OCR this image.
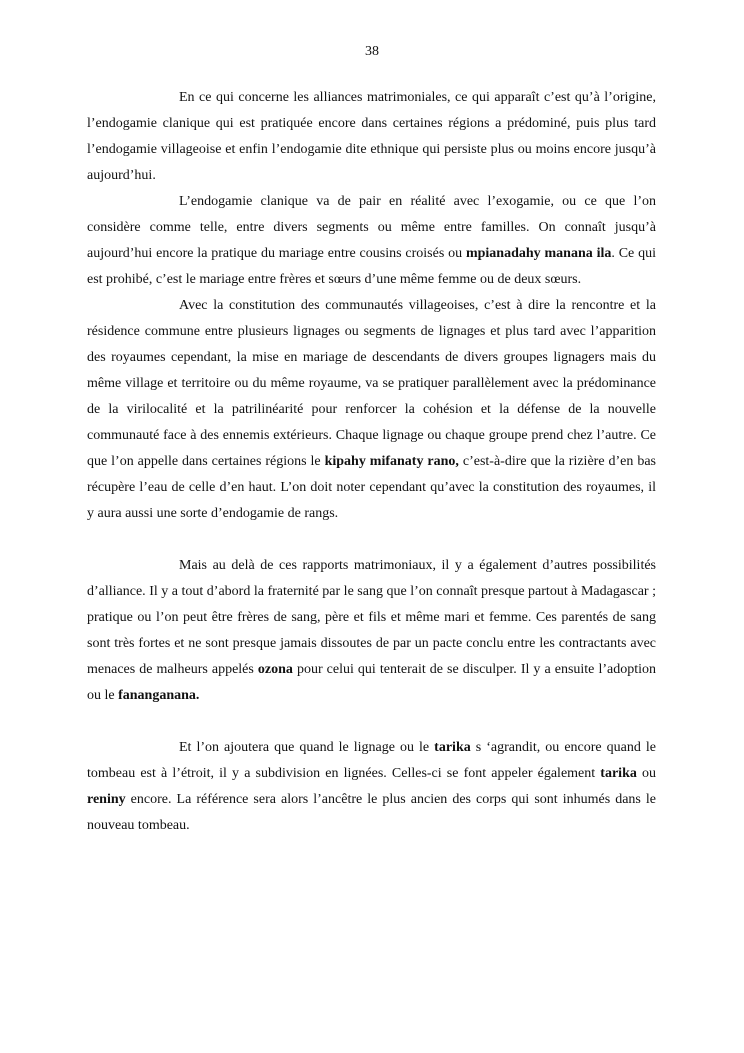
38

En ce qui concerne les alliances matrimoniales, ce qui apparaît c’est qu’à l’origine, l’endogamie clanique qui est pratiquée encore dans certaines régions a prédominé, puis plus tard l’endogamie villageoise et enfin l’endogamie dite ethnique qui persiste plus ou moins encore jusqu’à aujourd’hui.

L’endogamie clanique va de pair en réalité avec l’exogamie, ou ce que l’on considère comme telle, entre divers segments ou même entre familles. On connaît jusqu’à aujourd’hui encore la pratique du mariage entre cousins croisés ou mpianadahy manana ila. Ce qui est prohibé, c’est le mariage entre frères et sœurs d’une même femme ou de deux sœurs.

Avec la constitution des communautés villageoises, c’est à dire la rencontre et la résidence commune entre plusieurs lignages ou segments de lignages et plus tard avec l’apparition des royaumes cependant, la mise en mariage de descendants de divers groupes lignagers mais du même village et territoire ou du même royaume, va se pratiquer parallèlement avec la prédominance de la virilocalité et la patrilinéarité pour renforcer la cohésion et la défense de la nouvelle communauté face à des ennemis extérieurs. Chaque lignage ou chaque groupe prend chez l’autre. Ce que l’on appelle dans certaines régions le kipahy mifanaty rano, c’est-à-dire que la rizière d’en bas récupère l’eau de celle d’en haut. L’on doit noter cependant qu’avec la constitution des royaumes, il y aura aussi une sorte d’endogamie de rangs.

Mais au delà de ces rapports matrimoniaux, il y a également d’autres possibilités d’alliance. Il y a tout d’abord la fraternité par le sang que l’on connaît presque partout à Madagascar ; pratique ou l’on peut être frères de sang, père et fils et même mari et femme. Ces parentés de sang sont très fortes et ne sont presque jamais dissoutes de par un pacte conclu entre les contractants avec menaces de malheurs appelés ozona pour celui qui tenterait de se disculper. Il y a ensuite l’adoption ou le fananganana.

Et l’on ajoutera que quand le lignage ou le tarika s ‘agrandit, ou encore quand le tombeau est à l’étroit, il y a subdivision en lignées. Celles-ci se font appeler également tarika ou reniny encore. La référence sera alors l’ancêtre le plus ancien des corps qui sont inhumés dans le nouveau tombeau.
